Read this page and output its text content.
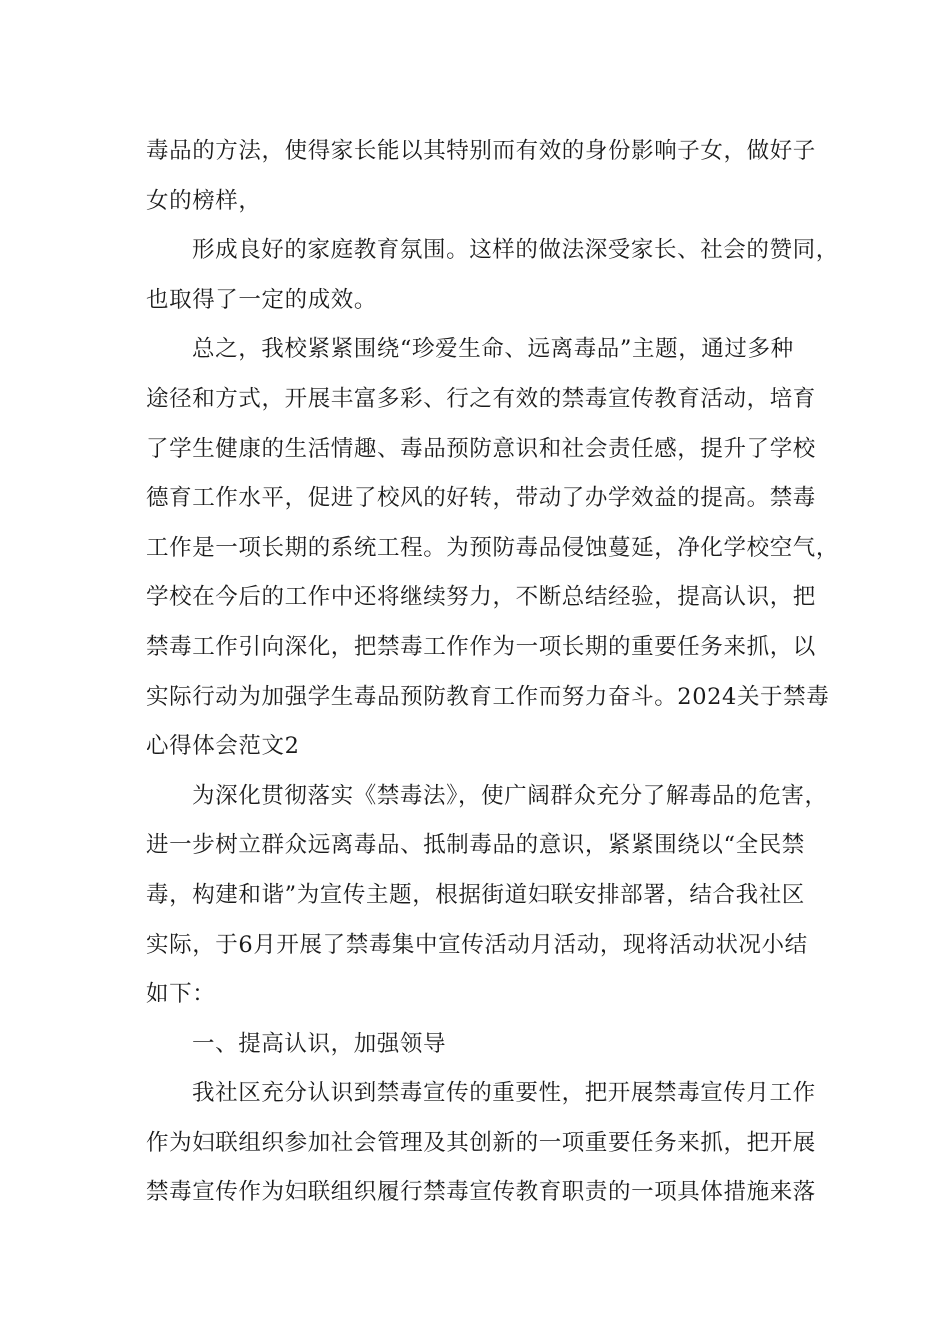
毒品的方法，使得家长能以其特别而有效的身份影响子女，做好子
女的榜样，
形成良好的家庭教育氛围。这样的做法深受家长、社会的赞同，
也取得了一定的成效。
总之，我校紧紧围绕“珍爱生命、远离毒品”主题，通过多种
途径和方式，开展丰富多彩、行之有效的禁毒宣传教育活动，培育
了学生健康的生活情趣、毒品预防意识和社会责任感，提升了学校
德育工作水平，促进了校风的好转，带动了办学效益的提高。禁毒
工作是一项长期的系统工程。为预防毒品侵蚀蔓延，净化学校空气，
学校在今后的工作中还将继续努力，不断总结经验，提高认识，把
禁毒工作引向深化，把禁毒工作作为一项长期的重要任务来抓，以
实际行动为加强学生毒品预防教育工作而努力奋斗。2024关于禁毒
心得体会范文2
为深化贯彻落实《禁毒法》，使广阔群众充分了解毒品的危害，
进一步树立群众远离毒品、抵制毒品的意识，紧紧围绕以“全民禁
毒，构建和谐”为宣传主题，根据街道妇联安排部署，结合我社区
实际，于6月开展了禁毒集中宣传活动月活动，现将活动状况小结
如下：
一、提高认识，加强领导
我社区充分认识到禁毒宣传的重要性，把开展禁毒宣传月工作
作为妇联组织参加社会管理及其创新的一项重要任务来抓，把开展
禁毒宣传作为妇联组织履行禁毒宣传教育职责的一项具体措施来落
